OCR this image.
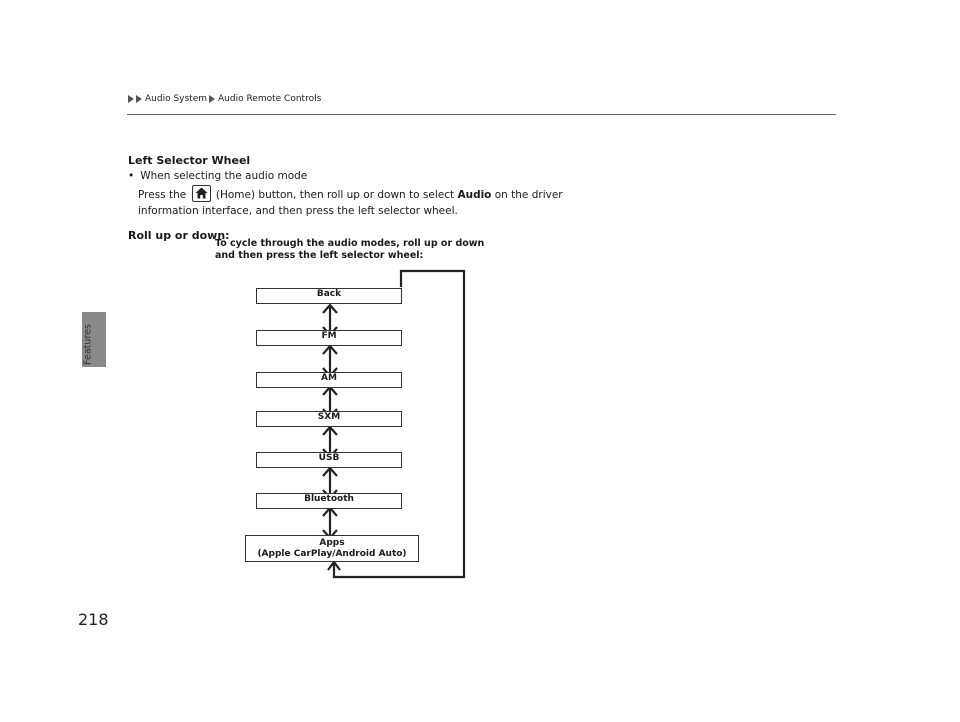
Audio System Audio Remote Controls
Features
Left Selector Wheel
• When selecting the audio mode
Press the
(Home) button, then roll up or down to select Audio on the driver information interface, and then press the left selector wheel.
Roll up or down:
To cycle through the audio modes, roll up or down and then press the left selector wheel:
Back
FM
AM
SXM
USB
Bluetooth
Apps
(Apple CarPlay/Android Auto)
218
